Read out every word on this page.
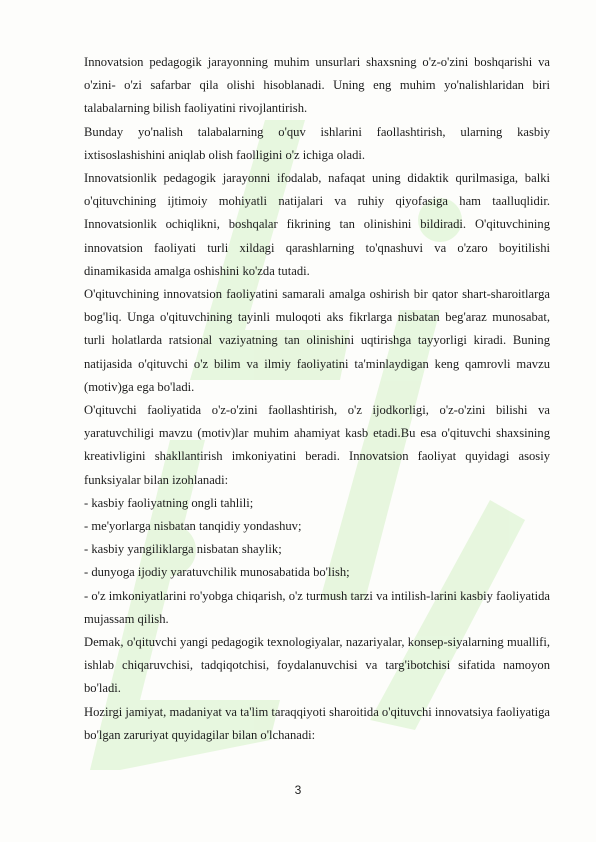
Innovatsion pedagogik jarayonning muhim unsurlari shaxsning o'z-o'zini boshqarishi va o'zini- o'zi safarbar qila olishi hisoblanadi. Uning eng muhim yo'nalishlaridan biri talabalarning bilish faoliyatini rivojlantirish.

Bunday yo'nalish talabalarning o'quv ishlarini faollashtirish, ularning kasbiy ixtisoslashishini aniqlab olish faolligini o'z ichiga oladi.

Innovatsionlik pedagogik jarayonni ifodalab, nafaqat uning didaktik qurilmasiga, balki o'qituvchining ijtimoiy mohiyatli natijalari va ruhiy qiyofasiga ham taalluqlidir. Innovatsionlik ochiqlikni, boshqalar fikrining tan olinishini bildiradi. O'qituvchining innovatsion faoliyati turli xildagi qarashlarning to'qnashuvi va o'zaro boyitilishi dinamikasida amalga oshishini ko'zda tutadi.

O'qituvchining innovatsion faoliyatini samarali amalga oshirish bir qator shart-sharoitlarga bog'liq. Unga o'qituvchining tayinli muloqoti aks fikrlarga nisbatan beg'araz munosabat, turli holatlarda ratsional vaziyatning tan olinishini uqtirishga tayyorligi kiradi. Buning natijasida o'qituvchi o'z bilim va ilmiy faoliyatini ta'minlaydigan keng qamrovli mavzu (motiv)ga ega bo'ladi.

O'qituvchi faoliyatida o'z-o'zini faollashtirish, o'z ijodkorligi, o'z-o'zini bilishi va yaratuvchiligi mavzu (motiv)lar muhim ahamiyat kasb etadi.Bu esa o'qituvchi shaxsining kreativligini shakllantirish imkoniyatini beradi. Innovatsion faoliyat quyidagi asosiy funksiyalar bilan izohlanadi:

- kasbiy faoliyatning ongli tahlili;

- me'yorlarga nisbatan tanqidiy yondashuv;

- kasbiy yangiliklarga nisbatan shaylik;

- dunyoga ijodiy yaratuvchilik munosabatida bo'lish;

- o'z imkoniyatlarini ro'yobga chiqarish, o'z turmush tarzi va intilish-larini kasbiy faoliyatida mujassam qilish.

Demak, o'qituvchi yangi pedagogik texnologiyalar, nazariyalar, konsep-siyalarning muallifi, ishlab chiqaruvchisi, tadqiqotchisi, foydalanuvchisi va targ'ibotchisi sifatida namoyon bo'ladi.

Hozirgi jamiyat, madaniyat va ta'lim taraqqiyoti sharoitida o'qituvchi innovatsiya faoliyatiga bo'lgan zaruriyat quyidagilar bilan o'lchanadi:

3
